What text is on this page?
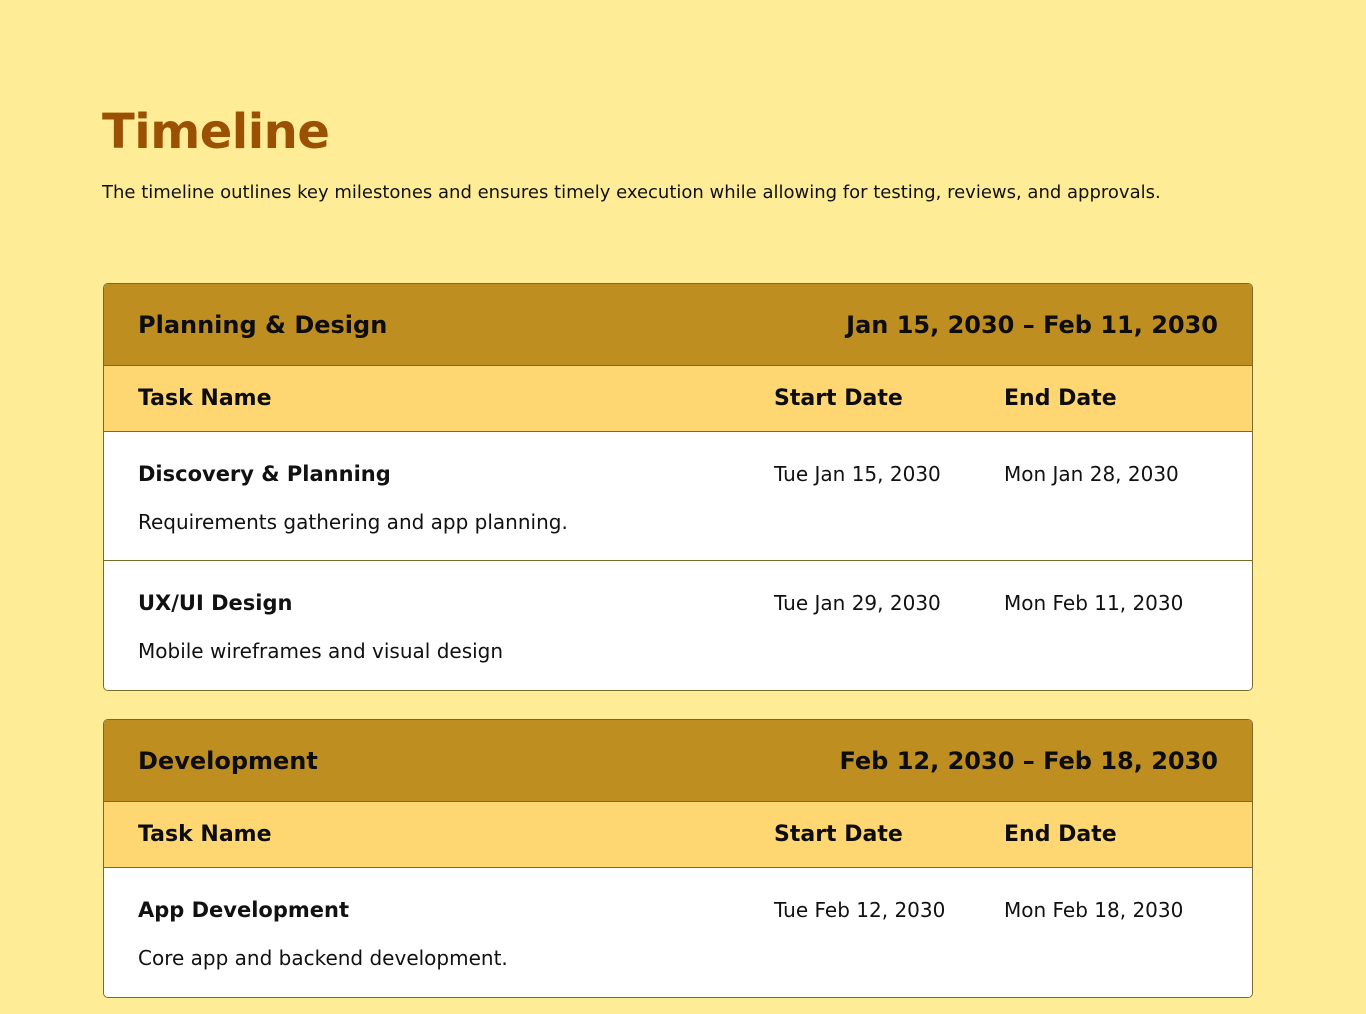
Timeline

The timeline outlines key milestones and ensures timely execution while allowing for testing, reviews, and approvals.

Planning & Design	Jan 15, 2030 – Feb 11, 2030
Task Name	Start Date	End Date
Discovery & Planning
Requirements gathering and app planning.
Tue Jan 15, 2030	Mon Jan 28, 2030
UX/UI Design
Mobile wireframes and visual design
Tue Jan 29, 2030	Mon Feb 11, 2030
Development	Feb 12, 2030 – Feb 18, 2030
Task Name	Start Date	End Date
App Development
Core app and backend development.
Tue Feb 12, 2030	Mon Feb 18, 2030
